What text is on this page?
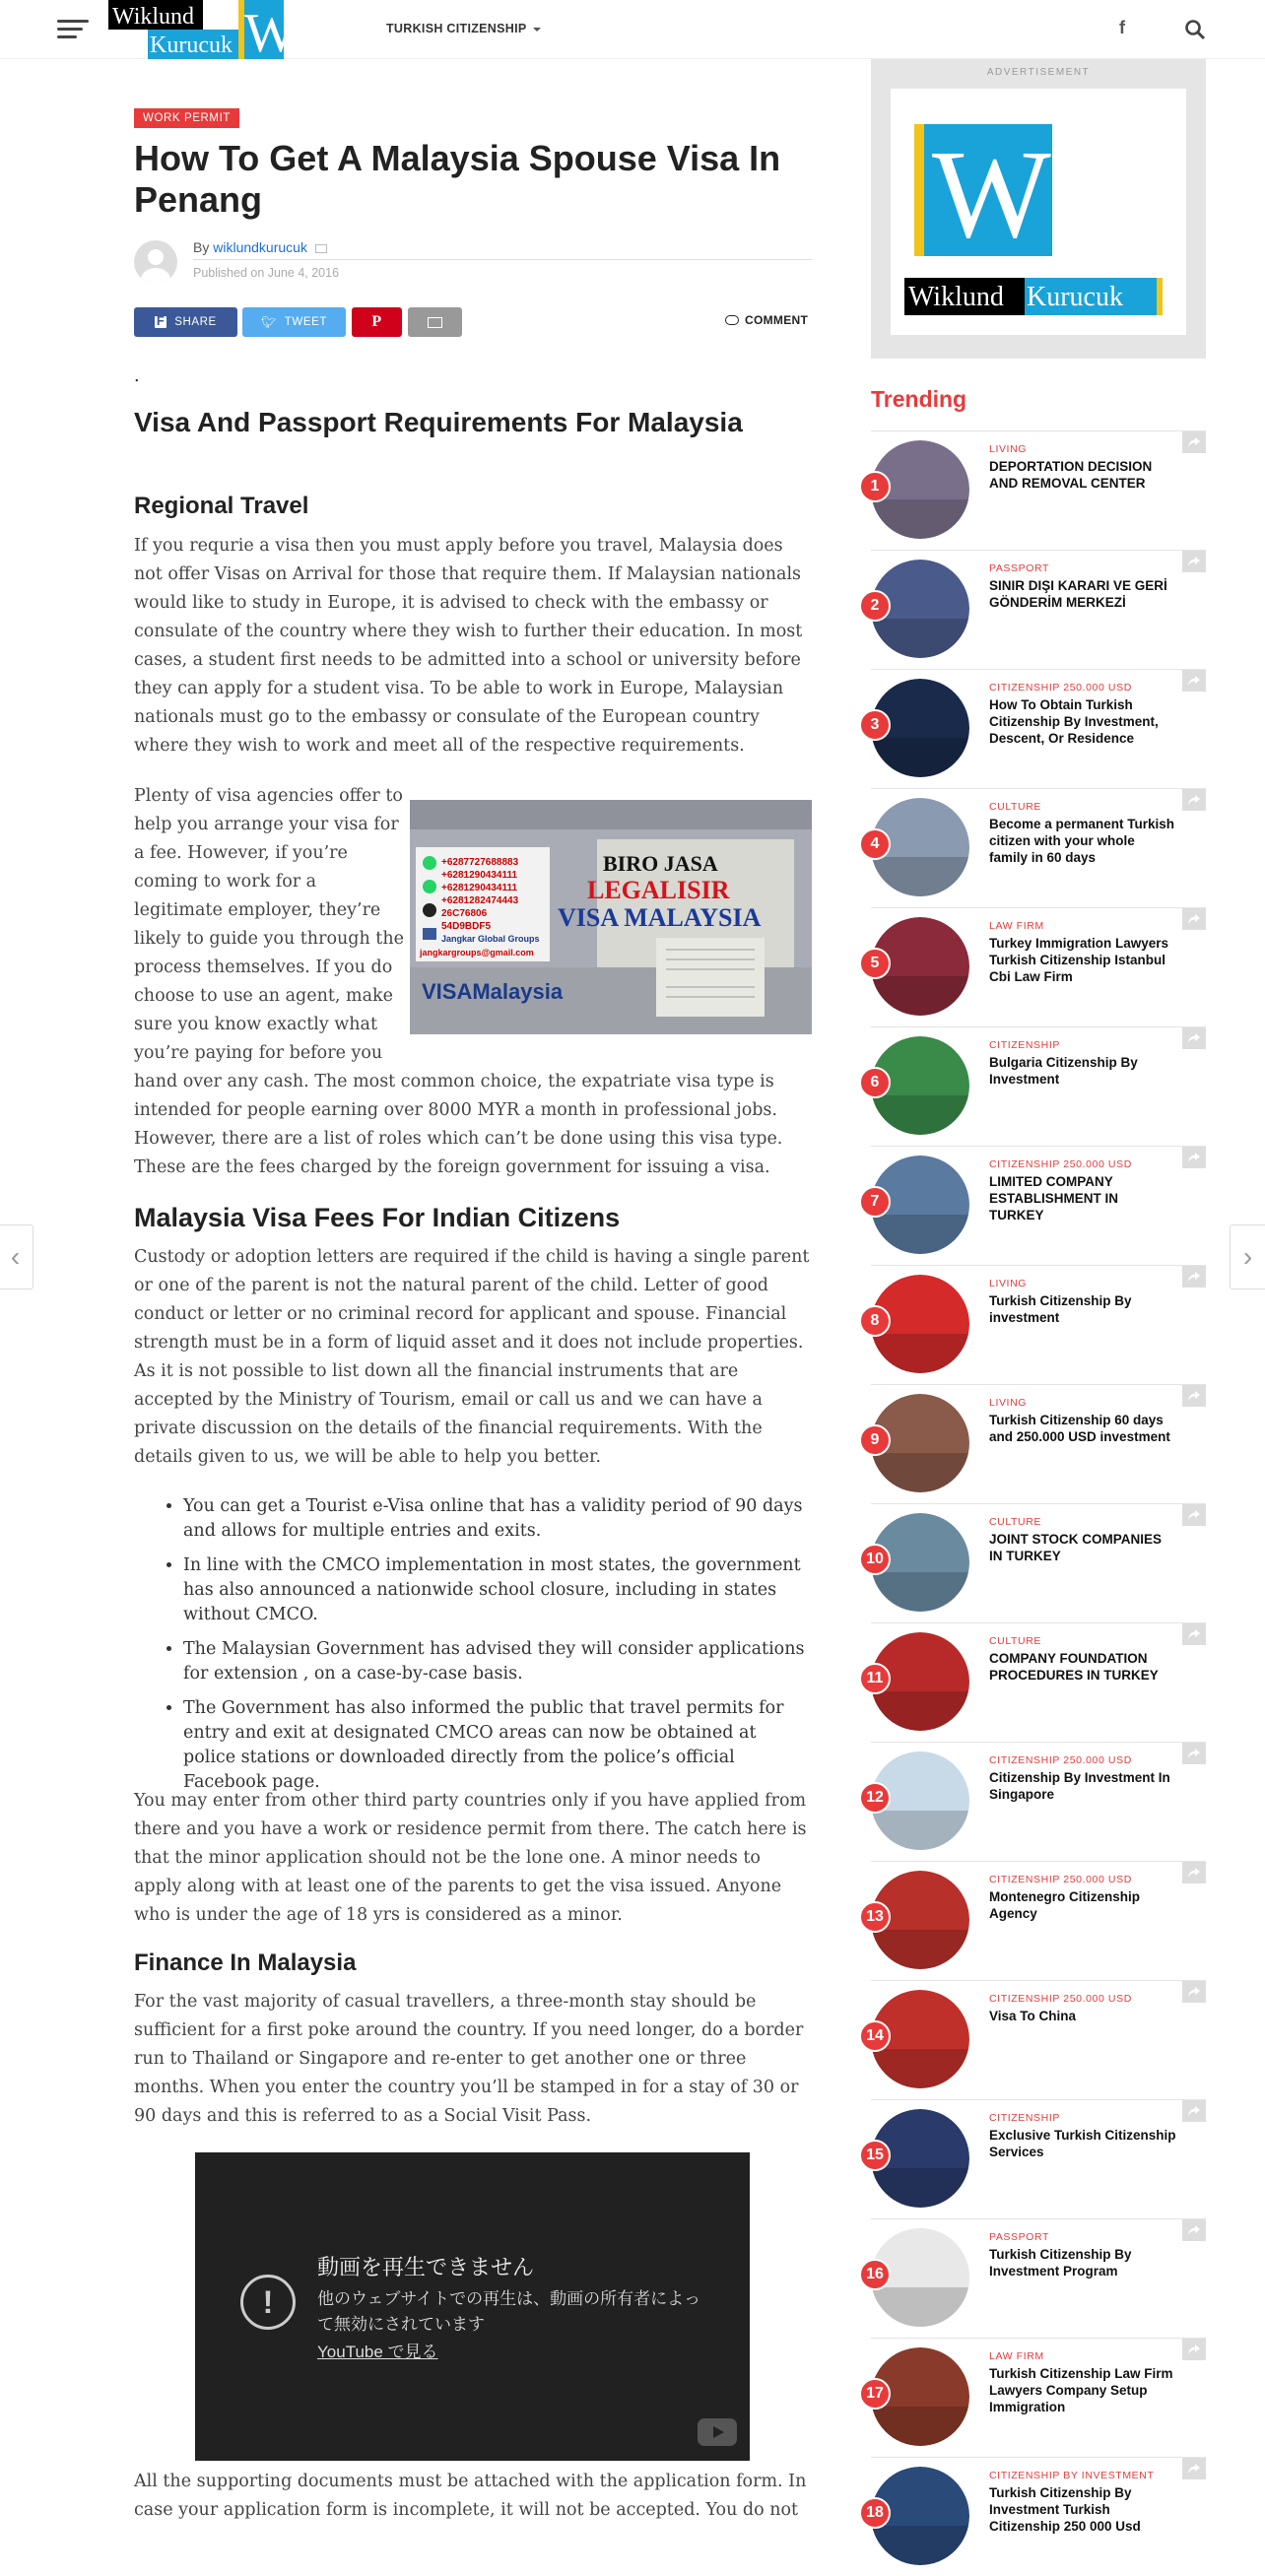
Wiklund
Kurucuk WK	TURKISH CITIZENSHIP	f
WORK PERMIT
How To Get A Malaysia Spouse Visa In Penang
By wiklundkurucuk
Published on June 4, 2016
F SHARE	🐦︎ TWEET	P	COMMENT
.
Visa And Passport Requirements For Malaysia
Regional Travel

If you requrie a visa then you must apply before you travel, Malaysia does not offer Visas on Arrival for those that require them. If Malaysian nationals would like to study in Europe, it is advised to check with the embassy or consulate of the country where they wish to further their education. In most cases, a student first needs to be admitted into a school or university before they can apply for a student visa. To be able to work in Europe, Malaysian nationals must go to the embassy or consulate of the European country where they wish to work and meet all of the respective requirements.

+6287727688883
+6281290434111
+6281290434111
+6281282474443
26C76806
54D9BDF5
Jangkar Global Groups
jangkargroups@gmail.com
BIRO JASA
LEGALISIR
VISA MALAYSIA
VISAMalaysia

Plenty of visa agencies offer to help you arrange your visa for a fee. However, if you’re coming to work for a legitimate employer, they’re likely to guide you through the process themselves. If you do choose to use an agent, make sure you know exactly what you’re paying for before you hand over any cash. The most common choice, the expatriate visa type is intended for people earning over 8000 MYR a month in professional jobs. However, there are a list of roles which can’t be done using this visa type. These are the fees charged by the foreign government for issuing a visa.

Malaysia Visa Fees For Indian Citizens

Custody or adoption letters are required if the child is having a single parent or one of the parent is not the natural parent of the child. Letter of good conduct or letter or no criminal record for applicant and spouse. Financial strength must be in a form of liquid asset and it does not include properties. As it is not possible to list down all the financial instruments that are accepted by the Ministry of Tourism, email or call us and we can have a private discussion on the details of the financial requirements. With the details given to us, we will be able to help you better.

• You can get a Tourist e-Visa online that has a validity period of 90 days and allows for multiple entries and exits.
• In line with the CMCO implementation in most states, the government has also announced a nationwide school closure, including in states without CMCO.
• The Malaysian Government has advised they will consider applications for extension , on a case-by-case basis.
• The Government has also informed the public that travel permits for entry and exit at designated CMCO areas can now be obtained at police stations or downloaded directly from the police’s official Facebook page.

You may enter from other third party countries only if you have applied from there and you have a work or residence permit from there. The catch here is that the minor application should not be the lone one. A minor needs to apply along with at least one of the parents to get the visa issued. Anyone who is under the age of 18 yrs is considered as a minor.

Finance In Malaysia

For the vast majority of casual travellers, a three-month stay should be sufficient for a first poke around the country. If you need longer, do a border run to Thailand or Singapore and re-enter to get another one or three months. When you enter the country you’ll be stamped in for a stay of 30 or 90 days and this is referred to as a Social Visit Pass.

!
動画を再生できません
他のウェブサイトでの再生は、動画の所有者によって無効にされています
YouTube で見る

All the supporting documents must be attached with the application form. In case your application form is incomplete, it will not be accepted. You do not

‹	›
ADVERTISEMENT
WK
Wiklund Kurucuk
Trending
1
LIVING
DEPORTATION DECISION AND REMOVAL CENTER
2
PASSPORT
SINIR DIŞI KARARI VE GERİ GÖNDERİM MERKEZİ
3
CITIZENSHIP 250.000 USD
How To Obtain Turkish Citizenship By Investment, Descent, Or Residence
4
CULTURE
Become a permanent Turkish citizen with your whole family in 60 days
5
LAW FIRM
Turkey Immigration Lawyers Turkish Citizenship Istanbul Cbi Law Firm
6
CITIZENSHIP
Bulgaria Citizenship By Investment
7
CITIZENSHIP 250.000 USD
LIMITED COMPANY ESTABLISHMENT IN TURKEY
8
LIVING
Turkish Citizenship By investment
9
LIVING
Turkish Citizenship 60 days and 250.000 USD investment
10
CULTURE
JOINT STOCK COMPANIES IN TURKEY
11
CULTURE
COMPANY FOUNDATION PROCEDURES IN TURKEY
12
CITIZENSHIP 250.000 USD
Citizenship By Investment In Singapore
13
CITIZENSHIP 250.000 USD
Montenegro Citizenship Agency
14
CITIZENSHIP 250.000 USD
Visa To China
15
CITIZENSHIP
Exclusive Turkish Citizenship Services
16
PASSPORT
Turkish Citizenship By Investment Program
17
LAW FIRM
Turkish Citizenship Law Firm Lawyers Company Setup Immigration
18
CITIZENSHIP BY INVESTMENT
Turkish Citizenship By Investment Turkish Citizenship 250 000 Usd
